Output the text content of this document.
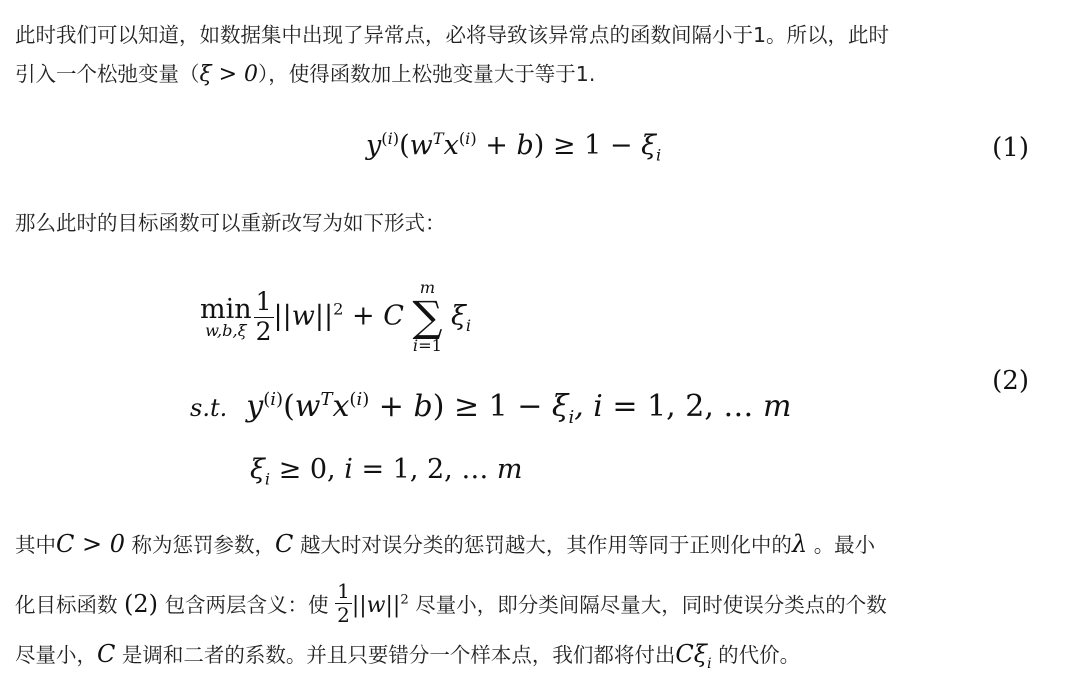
此时我们可以知道，如数据集中出现了异常点，必将导致该异常点的函数间隔小于1。所以，此时
引入一个松弛变量（ξ > 0），使得函数加上松弛变量大于等于1.
$y^{(i)}(w^Tx^{(i)} + b) \ge 1 - \xi_i$	(1)
那么此时的目标函数可以重新改写为如下形式：
min
$w,b,\xi \frac{1}{2} ||w||^2 + C$
m
∑
i=1
$\xi_i$
s.t.  $y^{(i)}(w^Tx^{(i)} + b) \ge 1 - \xi_i$, i = 1, 2, … m
$\xi_i \ge 0$, i = 1, 2, … m
(2)
其中C > 0 称为惩罚参数，C 越大时对误分类的惩罚越大，其作用等同于正则化中的λ 。最小
化目标函数 (2) 包含两层含义：使 $\frac{1}{2} ||w||^2$ 尽量小，即分类间隔尽量大，同时使误分类点的个数
尽量小，C 是调和二者的系数。并且只要错分一个样本点，我们都将付出$C\xi_i$ 的代价。
